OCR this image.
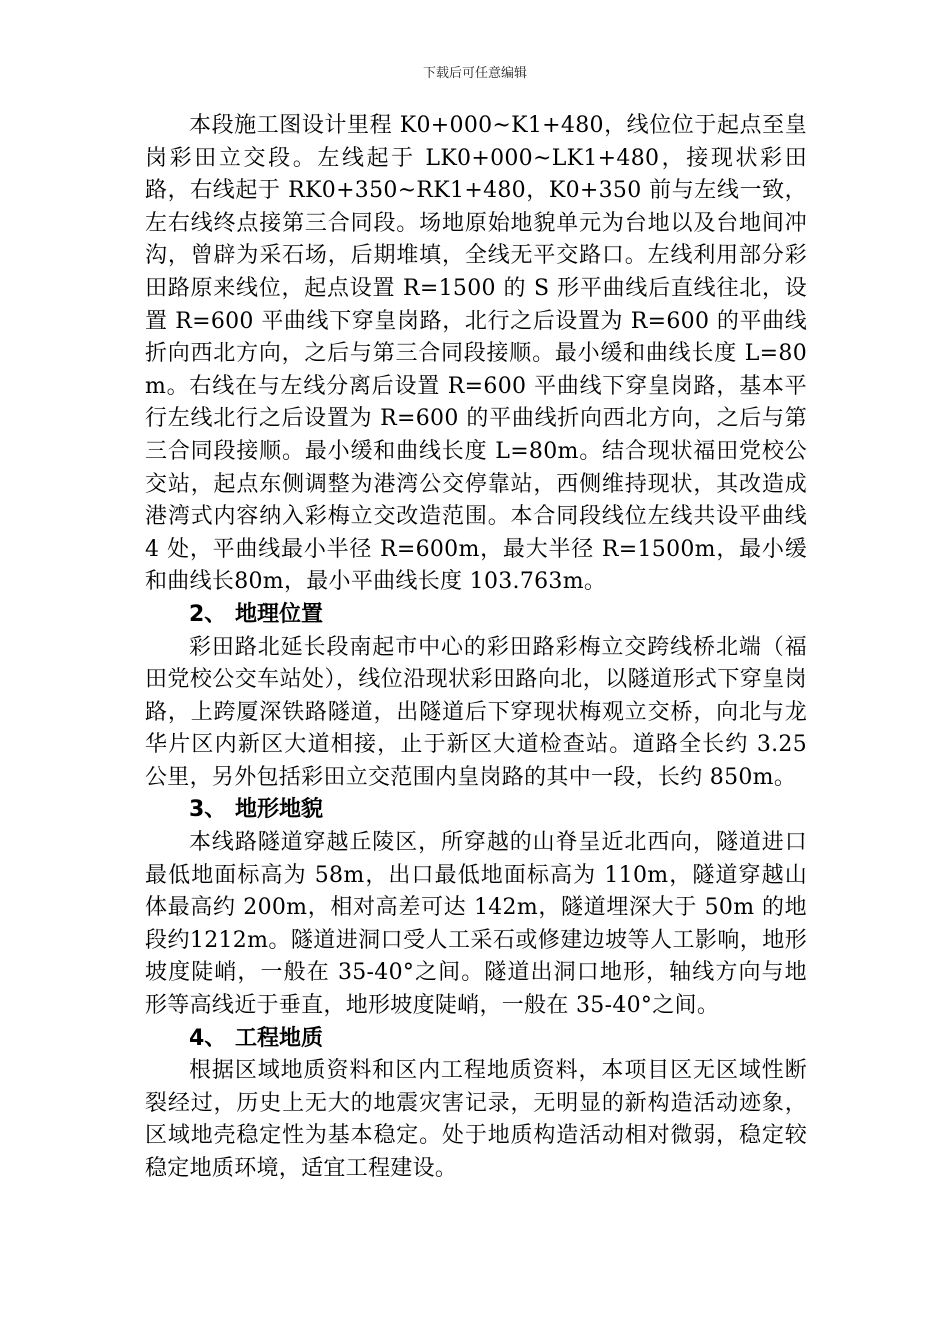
下载后可任意编辑

本段施工图设计里程 K0+000~K1+480，线位位于起点至皇岗彩田立交段。左线起于 LK0+000~LK1+480，接现状彩田路，右线起于 RK0+350~RK1+480，K0+350 前与左线一致，左右线终点接第三合同段。场地原始地貌单元为台地以及台地间冲沟，曾辟为采石场，后期堆填，全线无平交路口。左线利用部分彩田路原来线位，起点设置 R=1500 的 S 形平曲线后直线往北，设置 R=600 平曲线下穿皇岗路，北行之后设置为 R=600 的平曲线折向西北方向，之后与第三合同段接顺。最小缓和曲线长度 L=80m。右线在与左线分离后设置 R=600 平曲线下穿皇岗路，基本平行左线北行之后设置为 R=600 的平曲线折向西北方向，之后与第三合同段接顺。最小缓和曲线长度 L=80m。结合现状福田党校公交站，起点东侧调整为港湾公交停靠站，西侧维持现状，其改造成港湾式内容纳入彩梅立交改造范围。本合同段线位左线共设平曲线 4 处，平曲线最小半径 R=600m，最大半径 R=1500m，最小缓和曲线长80m，最小平曲线长度 103.763m。

2、 地理位置

彩田路北延长段南起市中心的彩田路彩梅立交跨线桥北端（福田党校公交车站处），线位沿现状彩田路向北，以隧道形式下穿皇岗路，上跨厦深铁路隧道，出隧道后下穿现状梅观立交桥，向北与龙华片区内新区大道相接，止于新区大道检查站。道路全长约 3.25 公里，另外包括彩田立交范围内皇岗路的其中一段，长约 850m。

3、 地形地貌

本线路隧道穿越丘陵区，所穿越的山脊呈近北西向，隧道进口最低地面标高为 58m，出口最低地面标高为 110m，隧道穿越山体最高约 200m，相对高差可达 142m，隧道埋深大于 50m 的地段约1212m。隧道进洞口受人工采石或修建边坡等人工影响，地形坡度陡峭，一般在 35-40°之间。隧道出洞口地形，轴线方向与地形等高线近于垂直，地形坡度陡峭，一般在 35-40°之间。

4、 工程地质

根据区域地质资料和区内工程地质资料，本项目区无区域性断裂经过，历史上无大的地震灾害记录，无明显的新构造活动迹象，区域地壳稳定性为基本稳定。处于地质构造活动相对微弱，稳定较稳定地质环境，适宜工程建设。
